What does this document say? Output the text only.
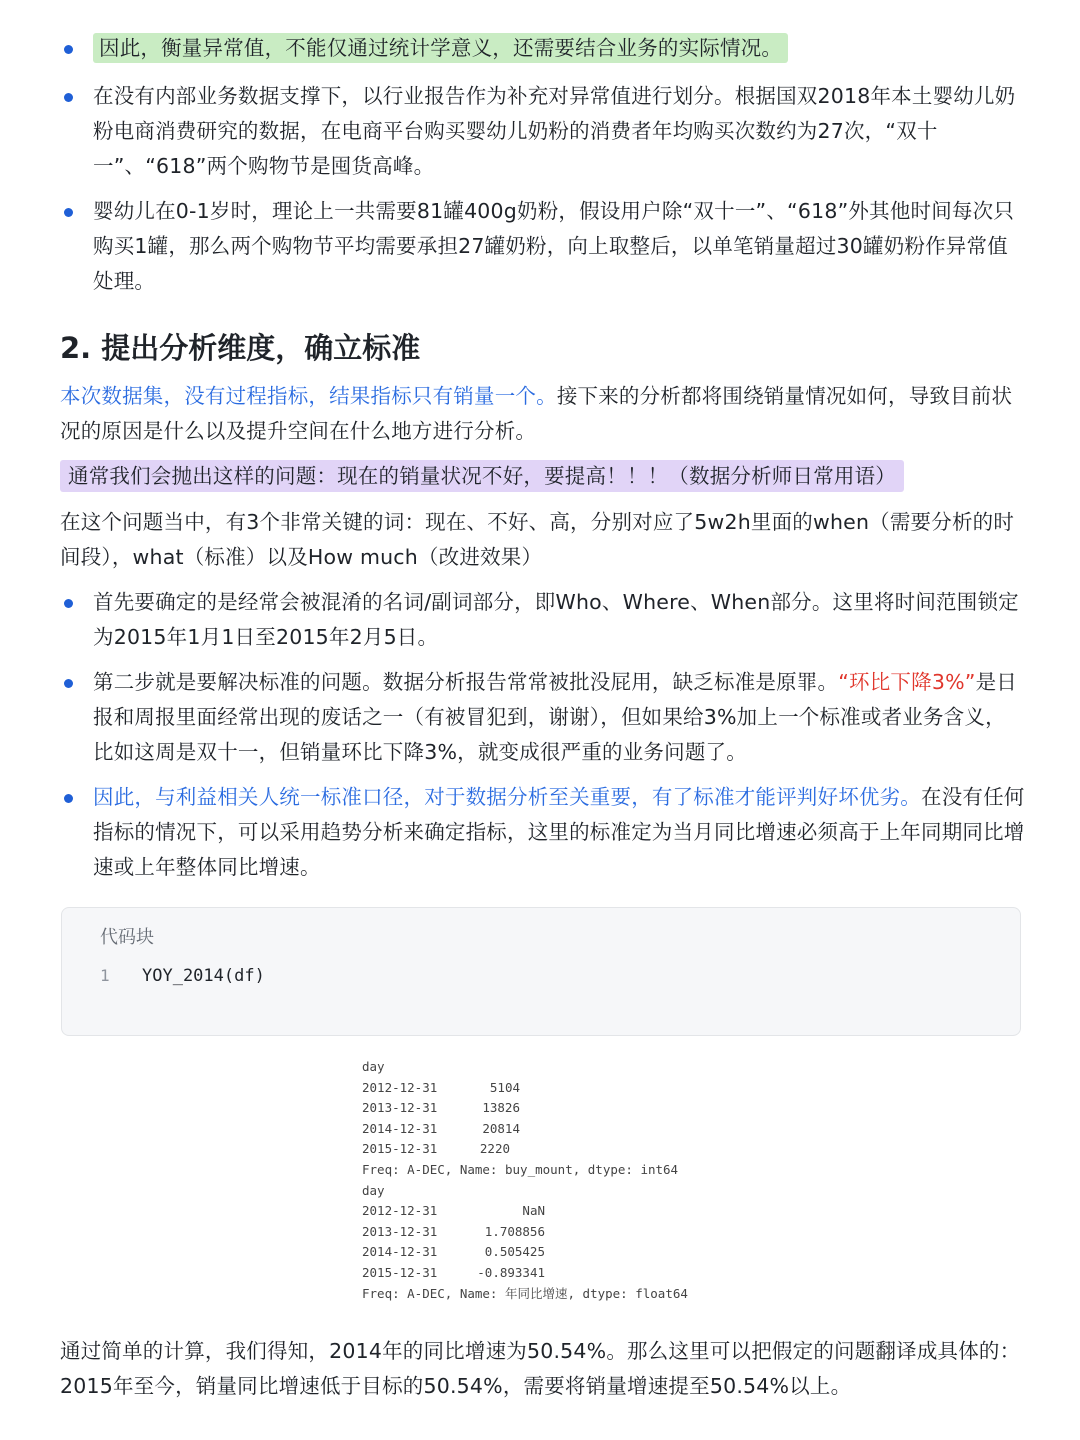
因此，衡量异常值，不能仅通过统计学意义，还需要结合业务的实际情况。
在没有内部业务数据支撑下，以行业报告作为补充对异常值进行划分。根据国双2018年本土婴幼儿奶粉电商消费研究的数据，在电商平台购买婴幼儿奶粉的消费者年均购买次数约为27次，“双十一”、“618”两个购物节是囤货高峰。
婴幼儿在0-1岁时，理论上一共需要81罐400g奶粉，假设用户除“双十一”、“618”外其他时间每次只购买1罐，那么两个购物节平均需要承担27罐奶粉，向上取整后，以单笔销量超过30罐奶粉作异常值处理。
2. 提出分析维度，确立标准
本次数据集，没有过程指标，结果指标只有销量一个。接下来的分析都将围绕销量情况如何，导致目前状况的原因是什么以及提升空间在什么地方进行分析。
通常我们会抛出这样的问题：现在的销量状况不好，要提高！！！（数据分析师日常用语）
在这个问题当中，有3个非常关键的词：现在、不好、高，分别对应了5w2h里面的when（需要分析的时间段），what（标准）以及How much（改进效果）
首先要确定的是经常会被混淆的名词/副词部分，即Who、Where、When部分。这里将时间范围锁定为2015年1月1日至2015年2月5日。
第二步就是要解决标准的问题。数据分析报告常常被批没屁用，缺乏标准是原罪。“环比下降3%”是日报和周报里面经常出现的废话之一（有被冒犯到，谢谢），但如果给3%加上一个标准或者业务含义，比如这周是双十一，但销量环比下降3%，就变成很严重的业务问题了。
因此，与利益相关人统一标准口径，对于数据分析至关重要，有了标准才能评判好坏优劣。在没有任何指标的情况下，可以采用趋势分析来确定指标，这里的标准定为当月同比增速必须高于上年同期同比增速或上年整体同比增速。
代码块
1 YOY_2014(df)
day
2012-12-31	5104
2013-12-31	13826
2014-12-31	20814
2015-12-31	2220
Freq: A-DEC, Name: buy_mount, dtype: int64
day
2012-12-31	NaN
2013-12-31	1.708856
2014-12-31	0.505425
2015-12-31	-0.893341
Freq: A-DEC, Name: 年同比增速, dtype: float64
通过简单的计算，我们得知，2014年的同比增速为50.54%。那么这里可以把假定的问题翻译成具体的：2015年至今，销量同比增速低于目标的50.54%，需要将销量增速提至50.54%以上。
